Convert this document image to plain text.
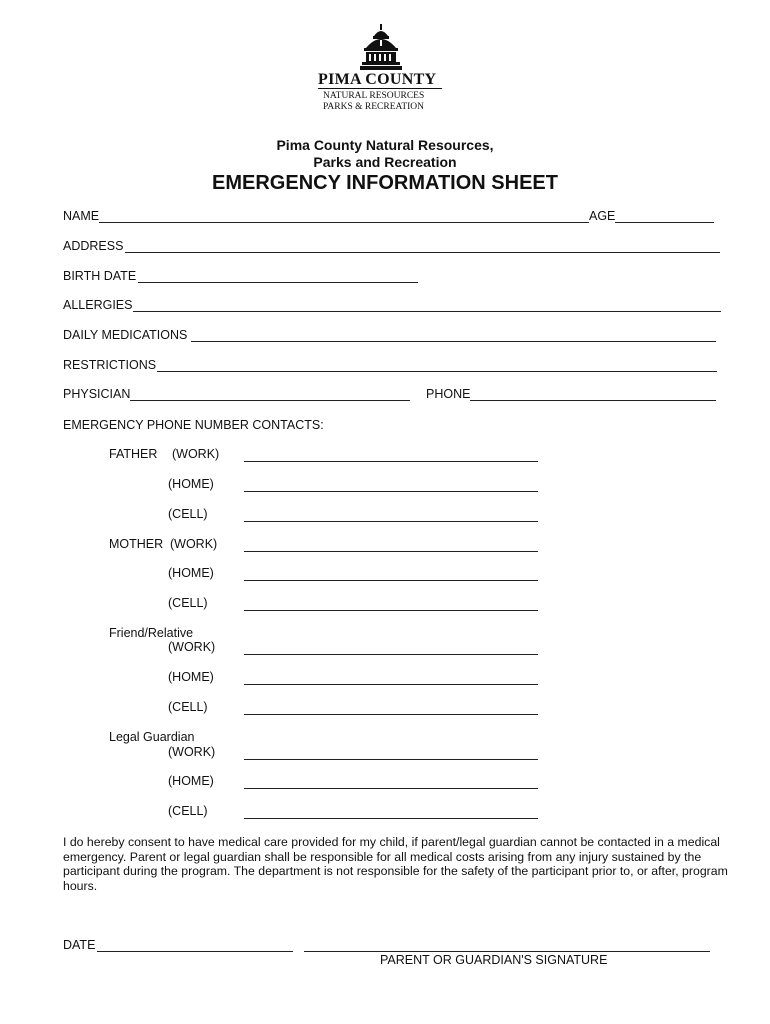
PIMA COUNTY
NATURAL RESOURCES
PARKS & RECREATION
Pima County Natural Resources,
Parks and Recreation
EMERGENCY INFORMATION SHEET
NAME	AGE
ADDRESS
BIRTH DATE
ALLERGIES
DAILY MEDICATIONS
RESTRICTIONS
PHYSICIAN	PHONE
EMERGENCY PHONE NUMBER CONTACTS:
FATHER (WORK)
(HOME)
(CELL)
MOTHER (WORK)
(HOME)
(CELL)
Friend/Relative
(WORK)
(HOME)
(CELL)
Legal Guardian
(WORK)
(HOME)
(CELL)
I do hereby consent to have medical care provided for my child, if parent/legal guardian cannot be contacted in a medical emergency. Parent or legal guardian shall be responsible for all medical costs arising from any injury sustained by the participant during the program. The department is not responsible for the safety of the participant prior to, or after, program hours.
DATE
PARENT OR GUARDIAN'S SIGNATURE
